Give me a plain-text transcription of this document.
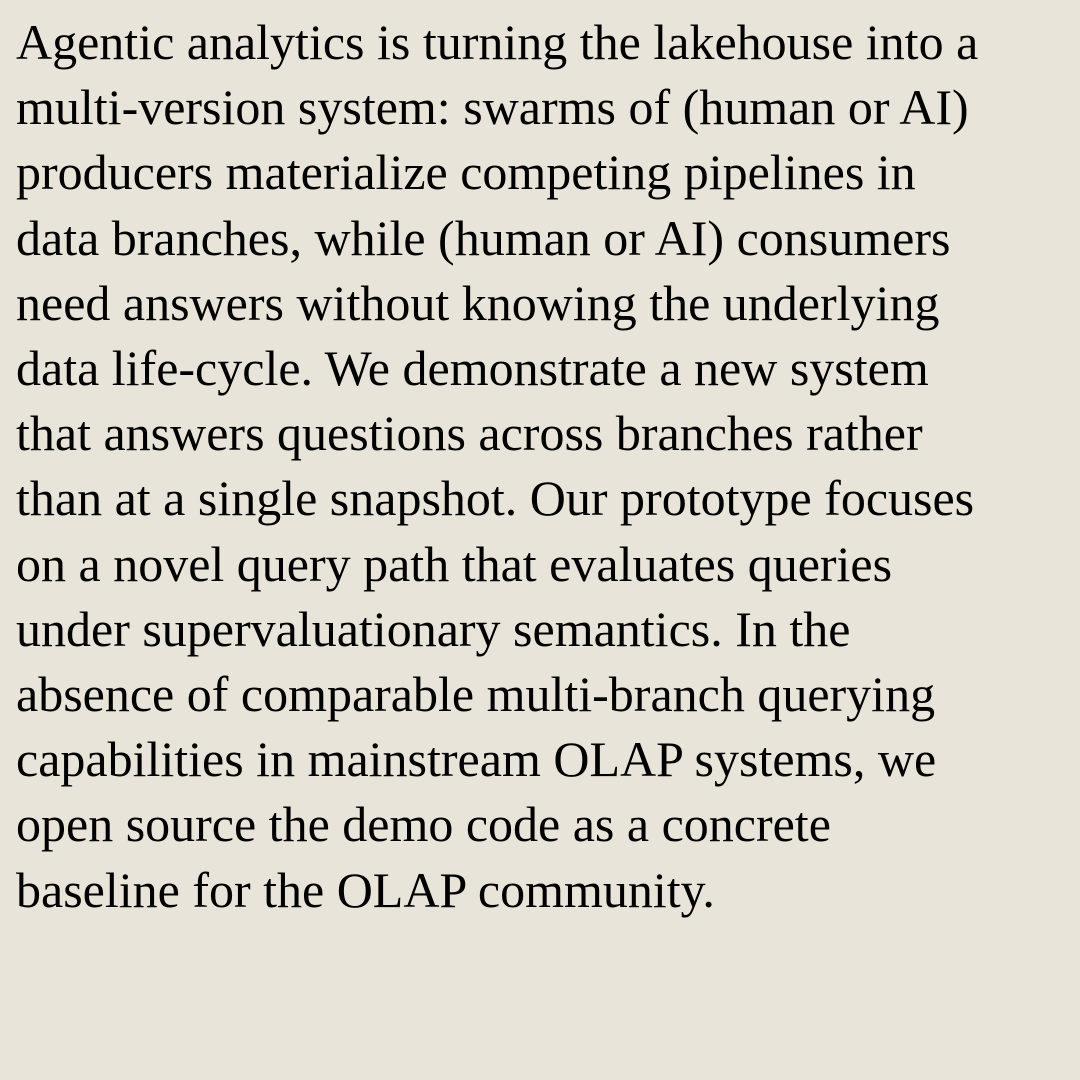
Agentic analytics is turning the lakehouse into a
multi-version system: swarms of (human or AI)
producers materialize competing pipelines in
data branches, while (human or AI) consumers
need answers without knowing the underlying
data life-cycle. We demonstrate a new system
that answers questions across branches rather
than at a single snapshot. Our prototype focuses
on a novel query path that evaluates queries
under supervaluationary semantics. In the
absence of comparable multi-branch querying
capabilities in mainstream OLAP systems, we
open source the demo code as a concrete
baseline for the OLAP community.
